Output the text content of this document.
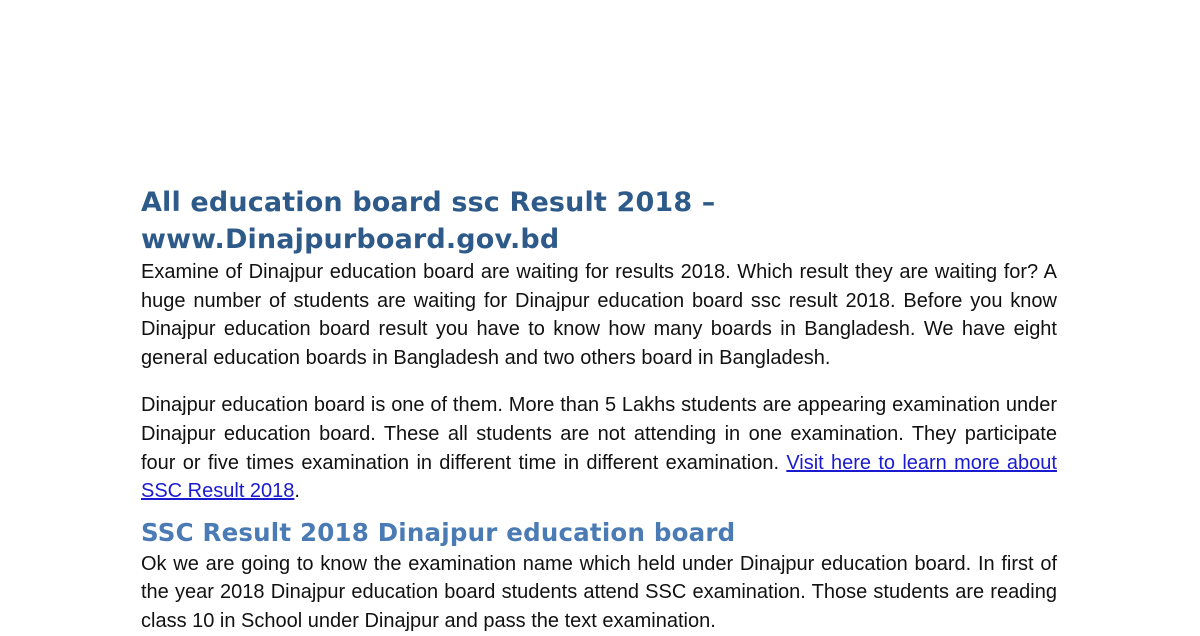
All education board ssc Result 2018 – www.Dinajpurboard.gov.bd

Examine of Dinajpur education board are waiting for results 2018. Which result they are waiting for? A huge number of students are waiting for Dinajpur education board ssc result 2018. Before you know Dinajpur education board result you have to know how many boards in Bangladesh. We have eight general education boards in Bangladesh and two others board in Bangladesh.

Dinajpur education board is one of them. More than 5 Lakhs students are appearing examination under Dinajpur education board. These all students are not attending in one examination. They participate four or five times examination in different time in different examination. Visit here to learn more about SSC Result 2018.

SSC Result 2018 Dinajpur education board

Ok we are going to know the examination name which held under Dinajpur education board. In first of the year 2018 Dinajpur education board students attend SSC examination. Those students are reading class 10 in School under Dinajpur and pass the text examination.
